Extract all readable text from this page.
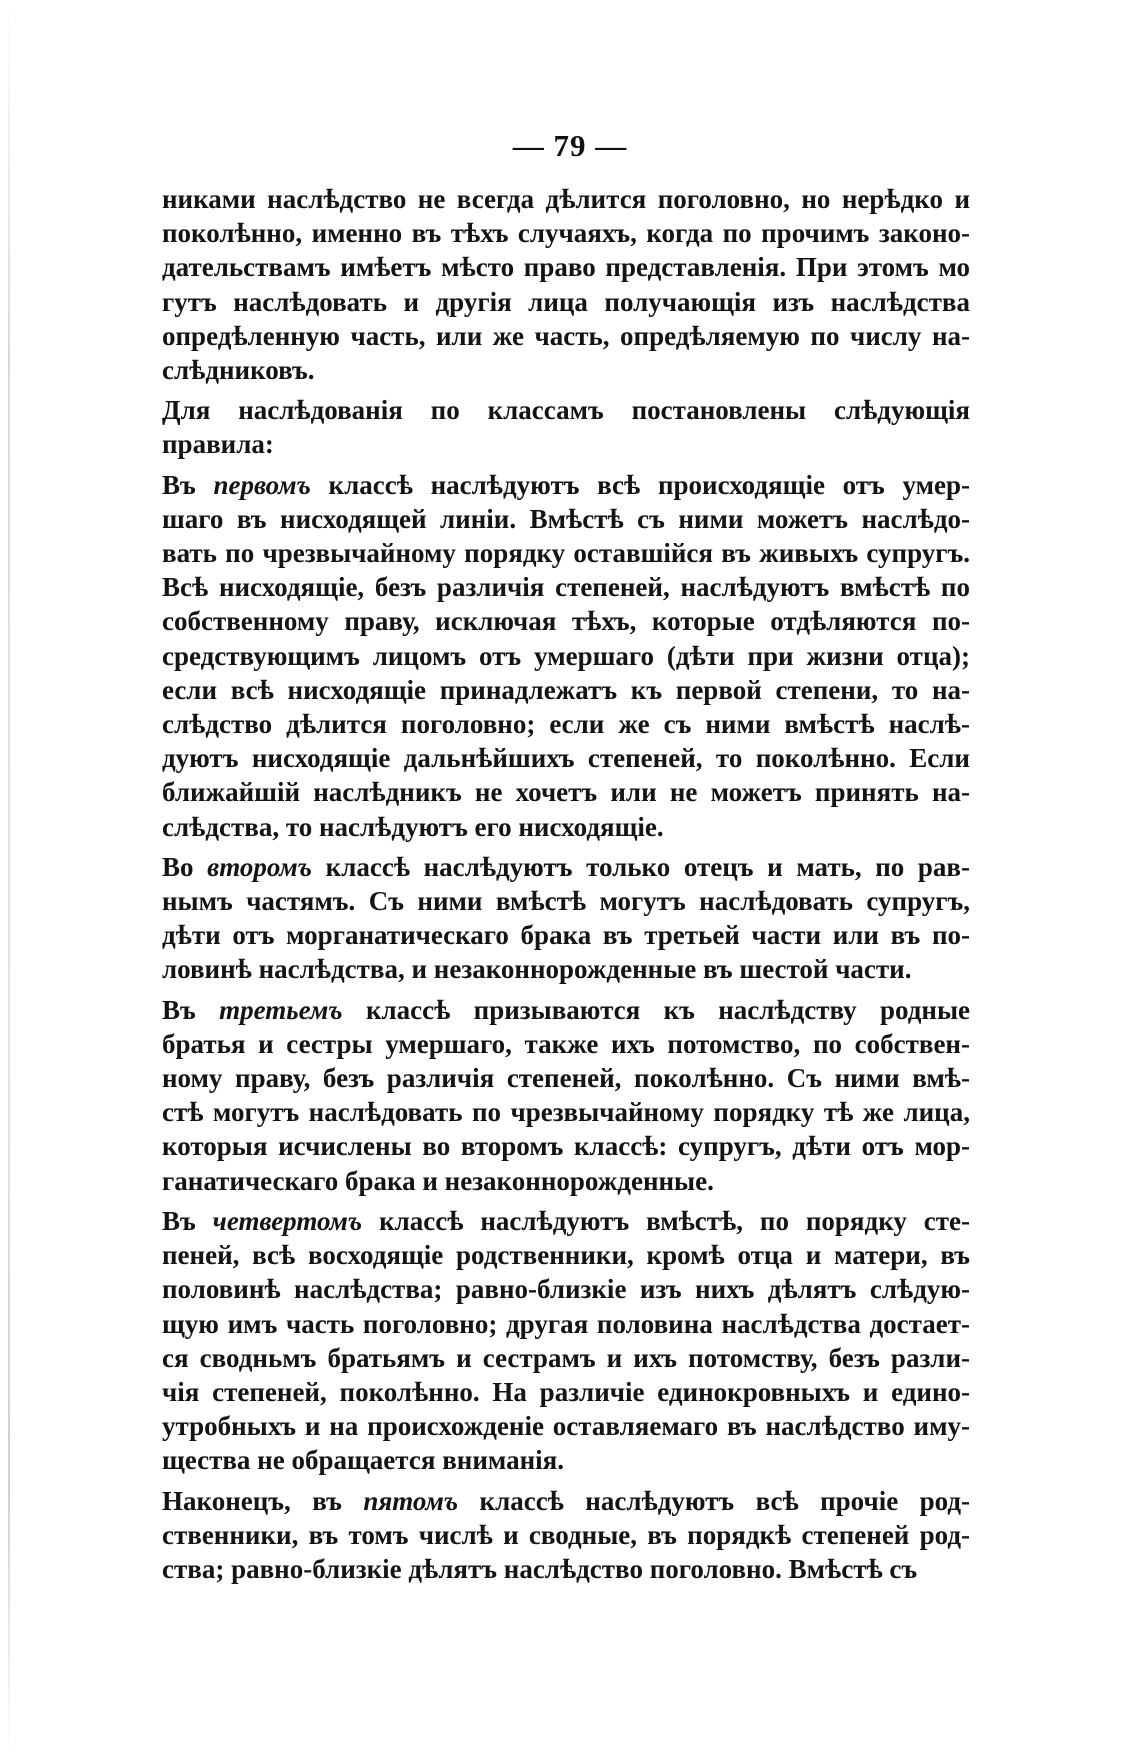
— 79 —
никами наслѣдство не всегда дѣлится поголовно, но нерѣдко и
поколѣнно, именно въ тѣхъ случаяхъ, когда по прочимъ законо-
дательствамъ имѣетъ мѣсто право представленія. При этомъ мо
гутъ наслѣдовать и другія лица получающія изъ наслѣдства
опредѣленную часть, или же часть, опредѣляемую по числу на-
слѣдниковъ.
Для наслѣдованія по классамъ постановлены слѣдующія
правила:
Въ первомъ классѣ наслѣдуютъ всѣ происходящіе отъ умер-
шаго въ нисходящей линіи. Вмѣстѣ съ ними можетъ наслѣдо-
вать по чрезвычайному порядку оставшійся въ живыхъ супругъ.
Всѣ нисходящіе, безъ различія степеней, наслѣдуютъ вмѣстѣ по
собственному праву, исключая тѣхъ, которые отдѣляются по-
средствующимъ лицомъ отъ умершаго (дѣти при жизни отца);
если всѣ нисходящіе принадлежатъ къ первой степени, то на-
слѣдство дѣлится поголовно; если же съ ними вмѣстѣ наслѣ-
дуютъ нисходящіе дальнѣйшихъ степеней, то поколѣнно. Если
ближайшій наслѣдникъ не хочетъ или не можетъ принять на-
слѣдства, то наслѣдуютъ его нисходящіе.
Во второмъ классѣ наслѣдуютъ только отецъ и мать, по рав-
нымъ частямъ. Съ ними вмѣстѣ могутъ наслѣдовать супругъ,
дѣти отъ морганатическаго брака въ третьей части или въ по-
ловинѣ наслѣдства, и незаконнорожденные въ шестой части.
Въ третьемъ классѣ призываются къ наслѣдству родные
братья и сестры умершаго, также ихъ потомство, по собствен-
ному праву, безъ различія степеней, поколѣнно. Съ ними вмѣ-
стѣ могутъ наслѣдовать по чрезвычайному порядку тѣ же лица,
которыя исчислены во второмъ классѣ: супругъ, дѣти отъ мор-
ганатическаго брака и незаконнорожденные.
Въ четвертомъ классѣ наслѣдуютъ вмѣстѣ, по порядку сте-
пеней, всѣ восходящіе родственники, кромѣ отца и матери, въ
половинѣ наслѣдства; равно-близкіе изъ нихъ дѣлятъ слѣдую-
щую имъ часть поголовно; другая половина наслѣдства достает-
ся сводньмъ братьямъ и сестрамъ и ихъ потомству, безъ разли-
чія степеней, поколѣнно. На различіе единокровныхъ и едино-
утробныхъ и на происхожденіе оставляемаго въ наслѣдство иму-
щества не обращается вниманія.
Наконецъ, въ пятомъ классѣ наслѣдуютъ всѣ прочіе род-
ственники, въ томъ числѣ и сводные, въ порядкѣ степеней род-
ства; равно-близкіе дѣлятъ наслѣдство поголовно. Вмѣстѣ съ
